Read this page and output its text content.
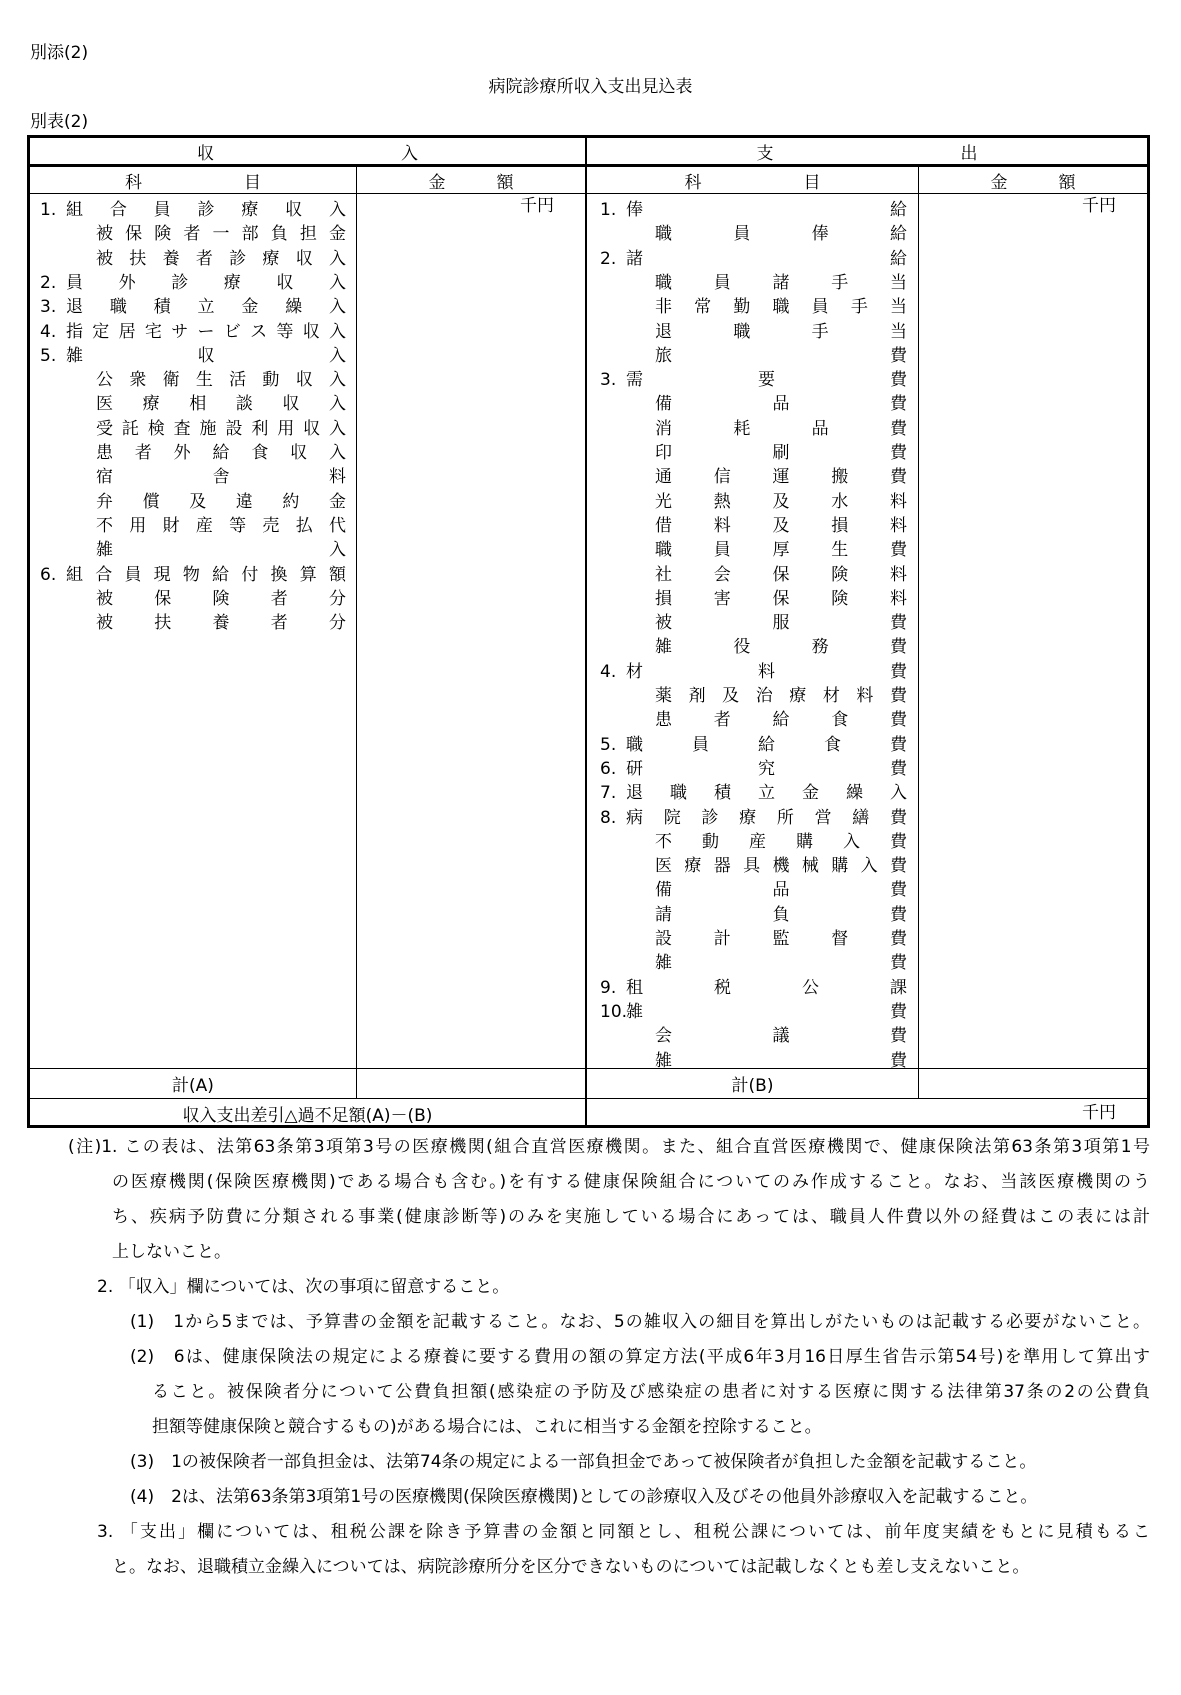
別添(2)
病院診療所収入支出見込表
別表(2)
収　　　　　　　　　　　入	支　　　　　　　　　　　出
科　　　　　　目	金　　　額	科　　　　　　目	金　　　額
千円	千円
1. 組合員診療収入
被保険者一部負担金
被扶養者診療収入
2. 員外診療収入
3. 退職積立金繰入
4. 指定居宅サービス等収入
5. 雑収入
公衆衛生活動収入
医療相談収入
受託検査施設利用収入
患者外給食収入
宿舎料
弁償及違約金
不用財産等売払代
雑入
6. 組合員現物給付換算額
被保険者分
被扶養者分
1. 俸給
職員俸給
2. 諸給
職員諸手当
非常勤職員手当
退職手当
旅費
3. 需要費
備品費
消耗品費
印刷費
通信運搬費
光熱及水料
借料及損料
職員厚生費
社会保険料
損害保険料
被服費
雑役務費
4. 材料費
薬剤及治療材料費
患者給食費
5. 職員給食費
6. 研究費
7. 退職積立金繰入
8. 病院診療所営繕費
不動産購入費
医療器具機械購入費
備品費
請負費
設計監督費
雑費
9. 租税公課
10.
雑費
会議費
雑費
計(A)	計(B)
収入支出差引△過不足額(A)－(B)	千円
(注)1. この表は、法第63条第3項第3号の医療機関(組合直営医療機関。また、組合直営医療機関で、健康保険法第63条第3項第1号
の医療機関(保険医療機関)である場合も含む。)を有する健康保険組合についてのみ作成すること。なお、当該医療機関のう
ち、疾病予防費に分類される事業(健康診断等)のみを実施している場合にあっては、職員人件費以外の経費はこの表には計
上しないこと。
2. 「収入」欄については、次の事項に留意すること。
(1)　1から5までは、予算書の金額を記載すること。なお、5の雑収入の細目を算出しがたいものは記載する必要がないこと。
(2)　6は、健康保険法の規定による療養に要する費用の額の算定方法(平成6年3月16日厚生省告示第54号)を準用して算出す
ること。被保険者分について公費負担額(感染症の予防及び感染症の患者に対する医療に関する法律第37条の2の公費負
担額等健康保険と競合するもの)がある場合には、これに相当する金額を控除すること。
(3)　1の被保険者一部負担金は、法第74条の規定による一部負担金であって被保険者が負担した金額を記載すること。
(4)　2は、法第63条第3項第1号の医療機関(保険医療機関)としての診療収入及びその他員外診療収入を記載すること。
3. 「支出」欄については、租税公課を除き予算書の金額と同額とし、租税公課については、前年度実績をもとに見積もるこ
と。なお、退職積立金繰入については、病院診療所分を区分できないものについては記載しなくとも差し支えないこと。
